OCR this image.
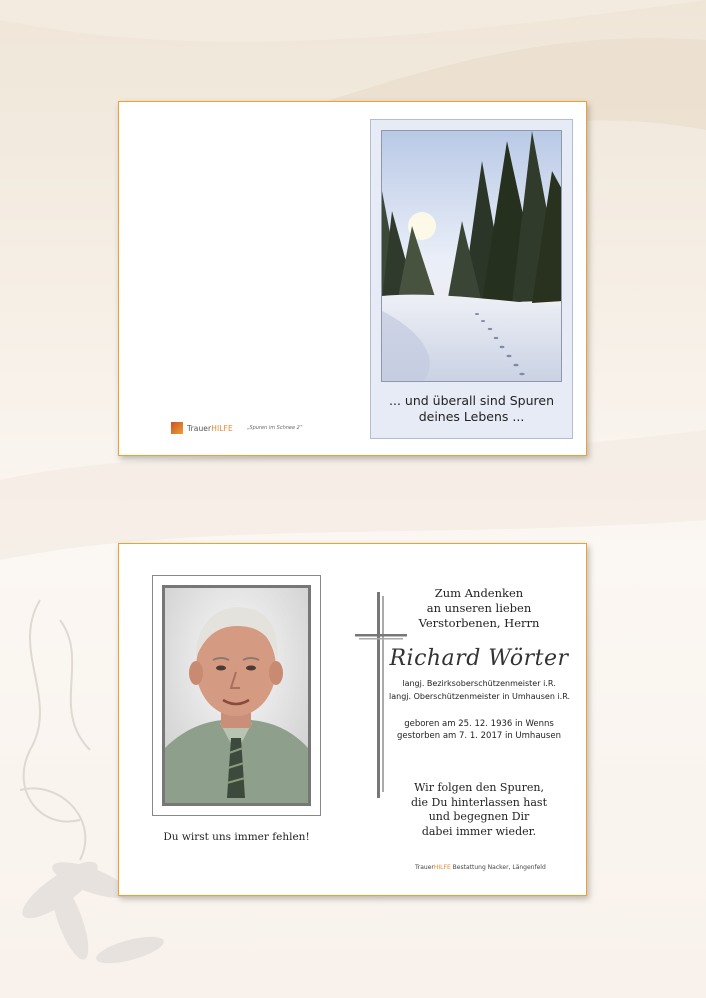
... und überall sind Spuren
deines Lebens ...
TrauerHILFE	„Spuren im Schnee 2“
Du wirst uns immer fehlen!
Zum Andenken
an unseren lieben
Verstorbenen, Herrn
Richard Wörter
langj. Bezirksoberschützenmeister i.R.
langj. Oberschützenmeister in Umhausen i.R.
geboren am 25. 12. 1936 in Wenns
gestorben am 7. 1. 2017 in Umhausen
Wir folgen den Spuren,
die Du hinterlassen hast
und begegnen Dir
dabei immer wieder.
TrauerHILFE Bestattung Nacker, Längenfeld
